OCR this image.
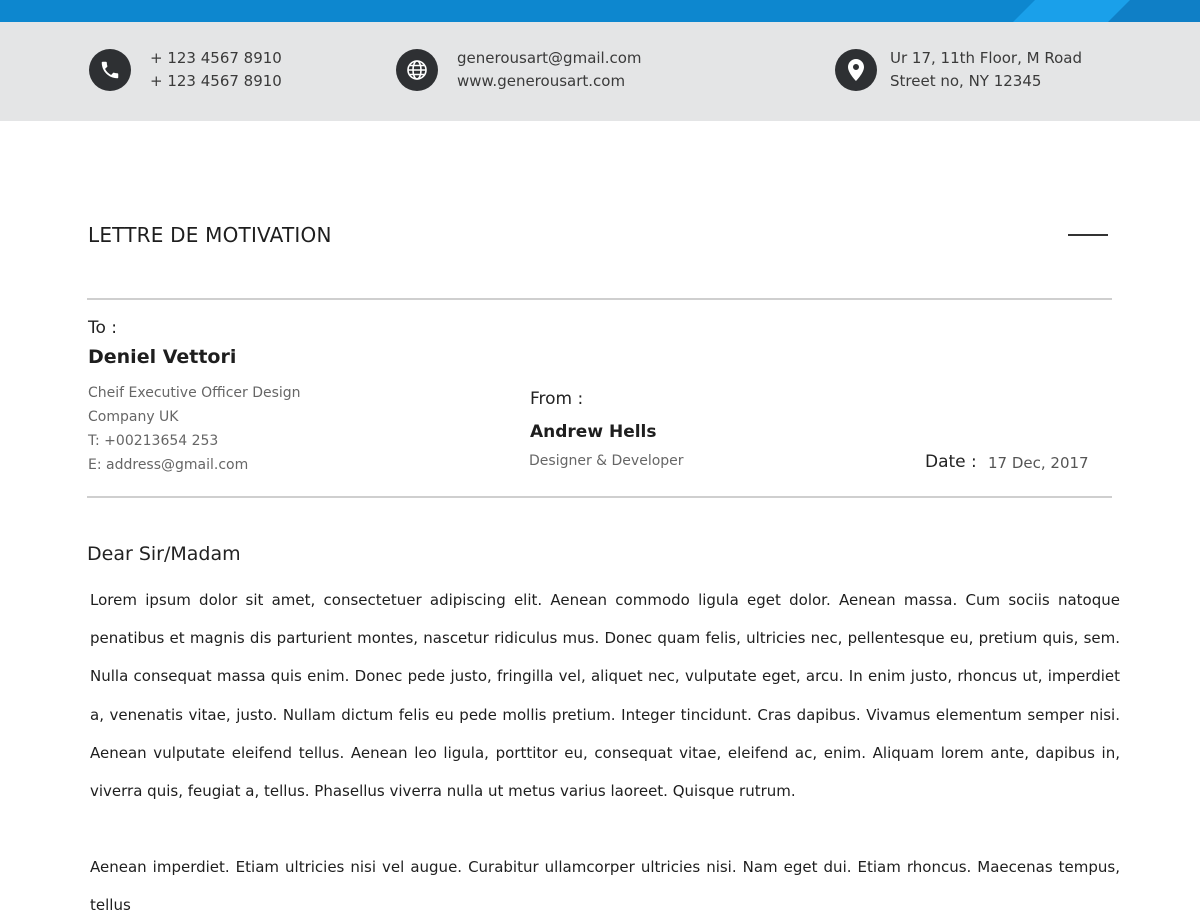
+ 123 4567 8910
+ 123 4567 8910
generousart@gmail.com
www.generousart.com
Ur 17, 11th Floor, M Road
Street no, NY 12345
LETTRE DE MOTIVATION
To :
Deniel Vettori
Cheif Executive Officer Design
Company UK
T: +00213654 253
E: address@gmail.com
From :
Andrew Hells
Designer & Developer	Date : 17 Dec, 2017
Dear Sir/Madam

Lorem ipsum dolor sit amet, consectetuer adipiscing elit. Aenean commodo ligula eget dolor. Aenean massa. Cum sociis natoque penatibus et magnis dis parturient montes, nascetur ridiculus mus. Donec quam felis, ultricies nec, pellentesque eu, pretium quis, sem. Nulla consequat massa quis enim. Donec pede justo, fringilla vel, aliquet nec, vulputate eget, arcu. In enim justo, rhoncus ut, imperdiet a, venenatis vitae, justo. Nullam dictum felis eu pede mollis pretium. Integer tincidunt. Cras dapibus. Vivamus elementum semper nisi. Aenean vulputate eleifend tellus. Aenean leo ligula, porttitor eu, consequat vitae, eleifend ac, enim. Aliquam lorem ante, dapibus in, viverra quis, feugiat a, tellus. Phasellus viverra nulla ut metus varius laoreet. Quisque rutrum.

Aenean imperdiet. Etiam ultricies nisi vel augue. Curabitur ullamcorper ultricies nisi. Nam eget dui. Etiam rhoncus. Maecenas tempus, tellus
